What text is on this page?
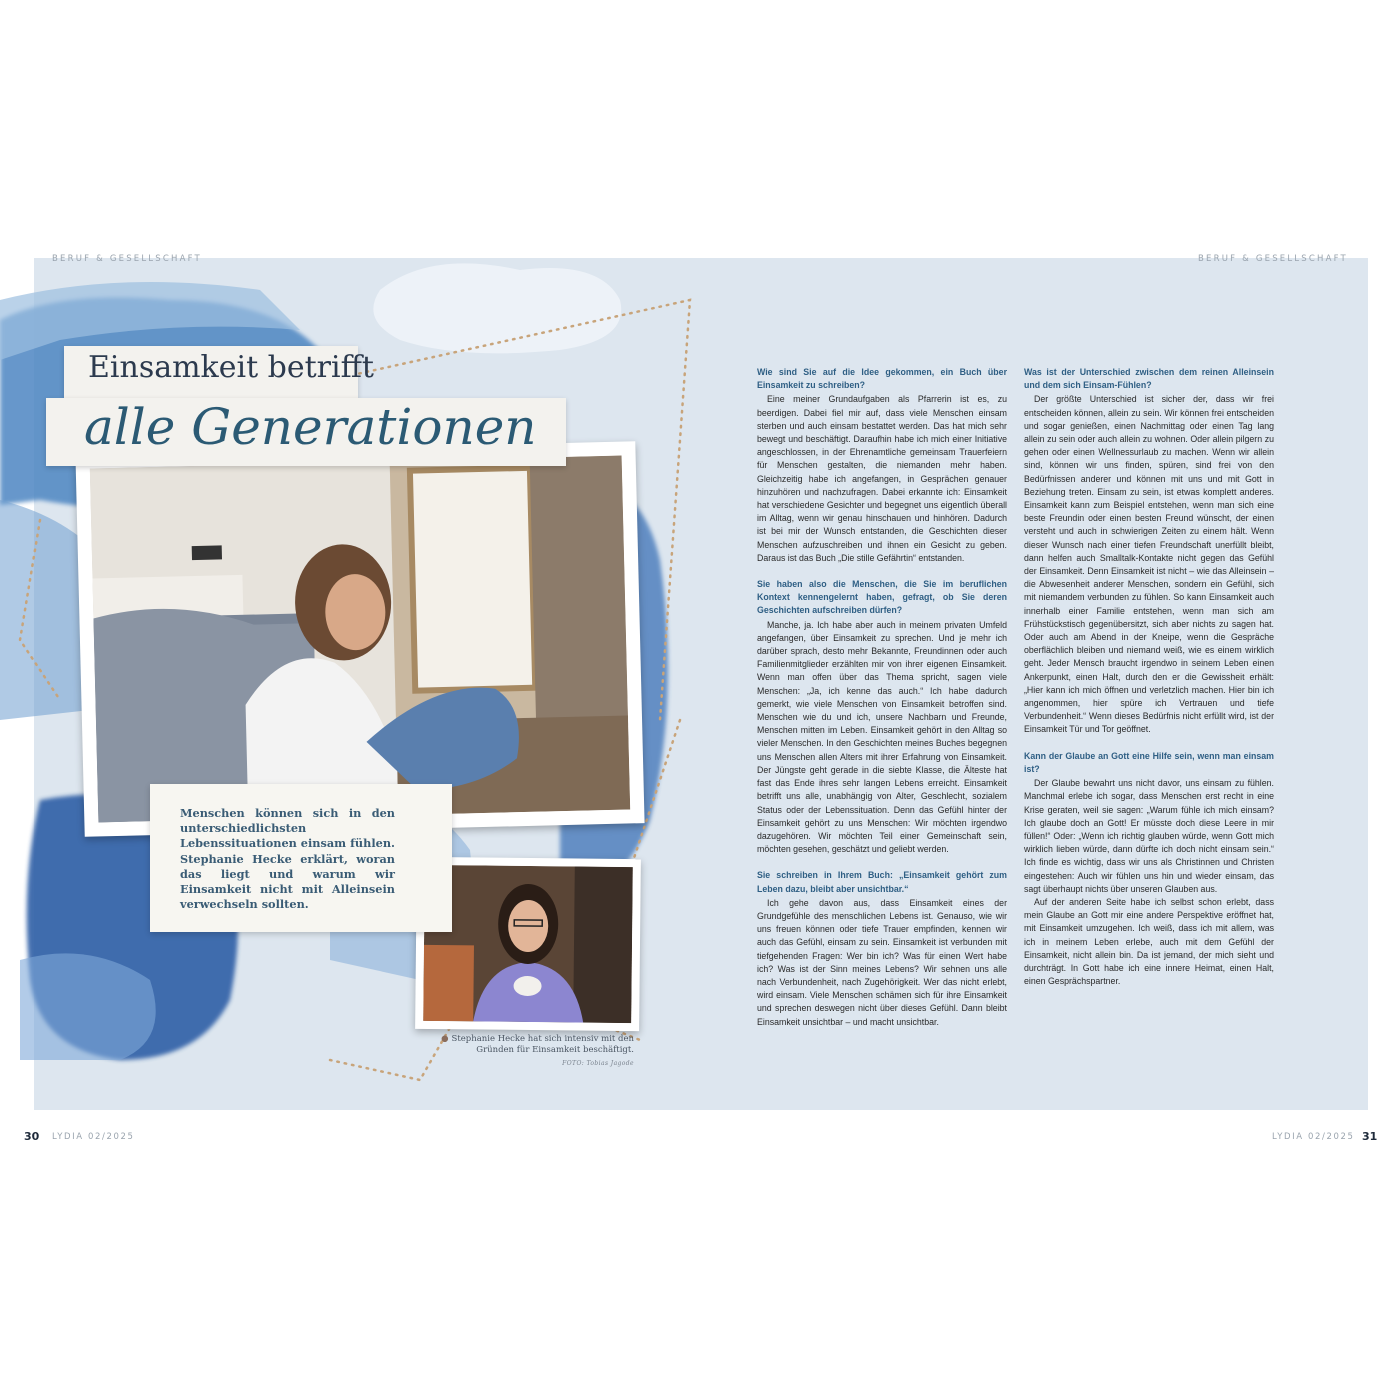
BERUF & GESELLSCHAFT	BERUF & GESELLSCHAFT
30 LYDIA 02/2025	LYDIA 02/2025 31
Einsamkeit betrifft
alle Generationen
Menschen können sich in den unterschiedlichsten Lebenssituationen einsam fühlen. Stephanie Hecke erklärt, woran das liegt und warum wir Einsamkeit nicht mit Alleinsein verwechseln sollten.
● Stephanie Hecke hat sich intensiv mit den Gründen für Einsamkeit beschäftigt.
FOTO: Tobias Jagode
Wie sind Sie auf die Idee gekommen, ein Buch über Einsamkeit zu schreiben?

Eine meiner Grundaufgaben als Pfarrerin ist es, zu beerdigen. Dabei fiel mir auf, dass viele Menschen einsam sterben und auch einsam bestattet werden. Das hat mich sehr bewegt und beschäftigt. Daraufhin habe ich mich einer Initiative angeschlossen, in der Ehrenamtliche gemeinsam Trauerfeiern für Menschen gestalten, die niemanden mehr haben. Gleichzeitig habe ich angefangen, in Gesprächen genauer hinzuhören und nachzufragen. Dabei erkannte ich: Einsamkeit hat verschiedene Gesichter und begegnet uns eigentlich überall im Alltag, wenn wir genau hinschauen und hinhören. Dadurch ist bei mir der Wunsch entstanden, die Geschichten dieser Menschen aufzuschreiben und ihnen ein Gesicht zu geben. Daraus ist das Buch „Die stille Gefährtin“ entstanden.

Sie haben also die Menschen, die Sie im beruflichen Kontext kennengelernt haben, gefragt, ob Sie deren Geschichten aufschreiben dürfen?

Manche, ja. Ich habe aber auch in meinem privaten Umfeld angefangen, über Einsamkeit zu sprechen. Und je mehr ich darüber sprach, desto mehr Bekannte, Freundinnen oder auch Familienmitglieder erzählten mir von ihrer eigenen Einsamkeit. Wenn man offen über das Thema spricht, sagen viele Menschen: „Ja, ich kenne das auch.“ Ich habe dadurch gemerkt, wie viele Menschen von Einsamkeit betroffen sind. Menschen wie du und ich, unsere Nachbarn und Freunde, Menschen mitten im Leben. Einsamkeit gehört in den Alltag so vieler Menschen. In den Geschichten meines Buches begegnen uns Menschen allen Alters mit ihrer Erfahrung von Einsamkeit. Der Jüngste geht gerade in die siebte Klasse, die Älteste hat fast das Ende ihres sehr langen Lebens erreicht. Einsamkeit betrifft uns alle, unabhängig von Alter, Geschlecht, sozialem Status oder der Lebenssituation. Denn das Gefühl hinter der Einsamkeit gehört zu uns Menschen: Wir möchten irgendwo dazugehören. Wir möchten Teil einer Gemeinschaft sein, möchten gesehen, geschätzt und geliebt werden.

Sie schreiben in Ihrem Buch: „Einsamkeit gehört zum Leben dazu, bleibt aber unsichtbar.“

Ich gehe davon aus, dass Einsamkeit eines der Grundgefühle des menschlichen Lebens ist. Genauso, wie wir uns freuen können oder tiefe Trauer empfinden, kennen wir auch das Gefühl, einsam zu sein. Einsamkeit ist verbunden mit tiefgehenden Fragen: Wer bin ich? Was für einen Wert habe ich? Was ist der Sinn meines Lebens? Wir sehnen uns alle nach Verbundenheit, nach Zugehörigkeit. Wer das nicht erlebt, wird einsam. Viele Menschen schämen sich für ihre Einsamkeit und sprechen deswegen nicht über dieses Gefühl. Dann bleibt Einsamkeit unsichtbar – und macht unsichtbar.

Was ist der Unterschied zwischen dem reinen Alleinsein und dem sich Einsam-Fühlen?

Der größte Unterschied ist sicher der, dass wir frei entscheiden können, allein zu sein. Wir können frei entscheiden und sogar genießen, einen Nachmittag oder einen Tag lang allein zu sein oder auch allein zu wohnen. Oder allein pilgern zu gehen oder einen Wellnessurlaub zu machen. Wenn wir allein sind, können wir uns finden, spüren, sind frei von den Bedürfnissen anderer und können mit uns und mit Gott in Beziehung treten. Einsam zu sein, ist etwas komplett anderes. Einsamkeit kann zum Beispiel entstehen, wenn man sich eine beste Freundin oder einen besten Freund wünscht, der einen versteht und auch in schwierigen Zeiten zu einem hält. Wenn dieser Wunsch nach einer tiefen Freundschaft unerfüllt bleibt, dann helfen auch Smalltalk-Kontakte nicht gegen das Gefühl der Einsamkeit. Denn Einsamkeit ist nicht – wie das Alleinsein – die Abwesenheit anderer Menschen, sondern ein Gefühl, sich mit niemandem verbunden zu fühlen. So kann Einsamkeit auch innerhalb einer Familie entstehen, wenn man sich am Frühstückstisch gegenübersitzt, sich aber nichts zu sagen hat. Oder auch am Abend in der Kneipe, wenn die Gespräche oberflächlich bleiben und niemand weiß, wie es einem wirklich geht. Jeder Mensch braucht irgendwo in seinem Leben einen Ankerpunkt, einen Halt, durch den er die Gewissheit erhält: „Hier kann ich mich öffnen und verletzlich machen. Hier bin ich angenommen, hier spüre ich Vertrauen und tiefe Verbundenheit.“ Wenn dieses Bedürfnis nicht erfüllt wird, ist der Einsamkeit Tür und Tor geöffnet.

Kann der Glaube an Gott eine Hilfe sein, wenn man einsam ist?

Der Glaube bewahrt uns nicht davor, uns einsam zu fühlen. Manchmal erlebe ich sogar, dass Menschen erst recht in eine Krise geraten, weil sie sagen: „Warum fühle ich mich einsam? Ich glaube doch an Gott! Er müsste doch diese Leere in mir füllen!“ Oder: „Wenn ich richtig glauben würde, wenn Gott mich wirklich lieben würde, dann dürfte ich doch nicht einsam sein.“ Ich finde es wichtig, dass wir uns als Christinnen und Christen eingestehen: Auch wir fühlen uns hin und wieder einsam, das sagt überhaupt nichts über unseren Glauben aus.

Auf der anderen Seite habe ich selbst schon erlebt, dass mein Glaube an Gott mir eine andere Perspektive eröffnet hat, mit Einsamkeit umzugehen. Ich weiß, dass ich mit allem, was ich in meinem Leben erlebe, auch mit dem Gefühl der Einsamkeit, nicht allein bin. Da ist jemand, der mich sieht und durchträgt. In Gott habe ich eine innere Heimat, einen Halt, einen Gesprächspartner.
